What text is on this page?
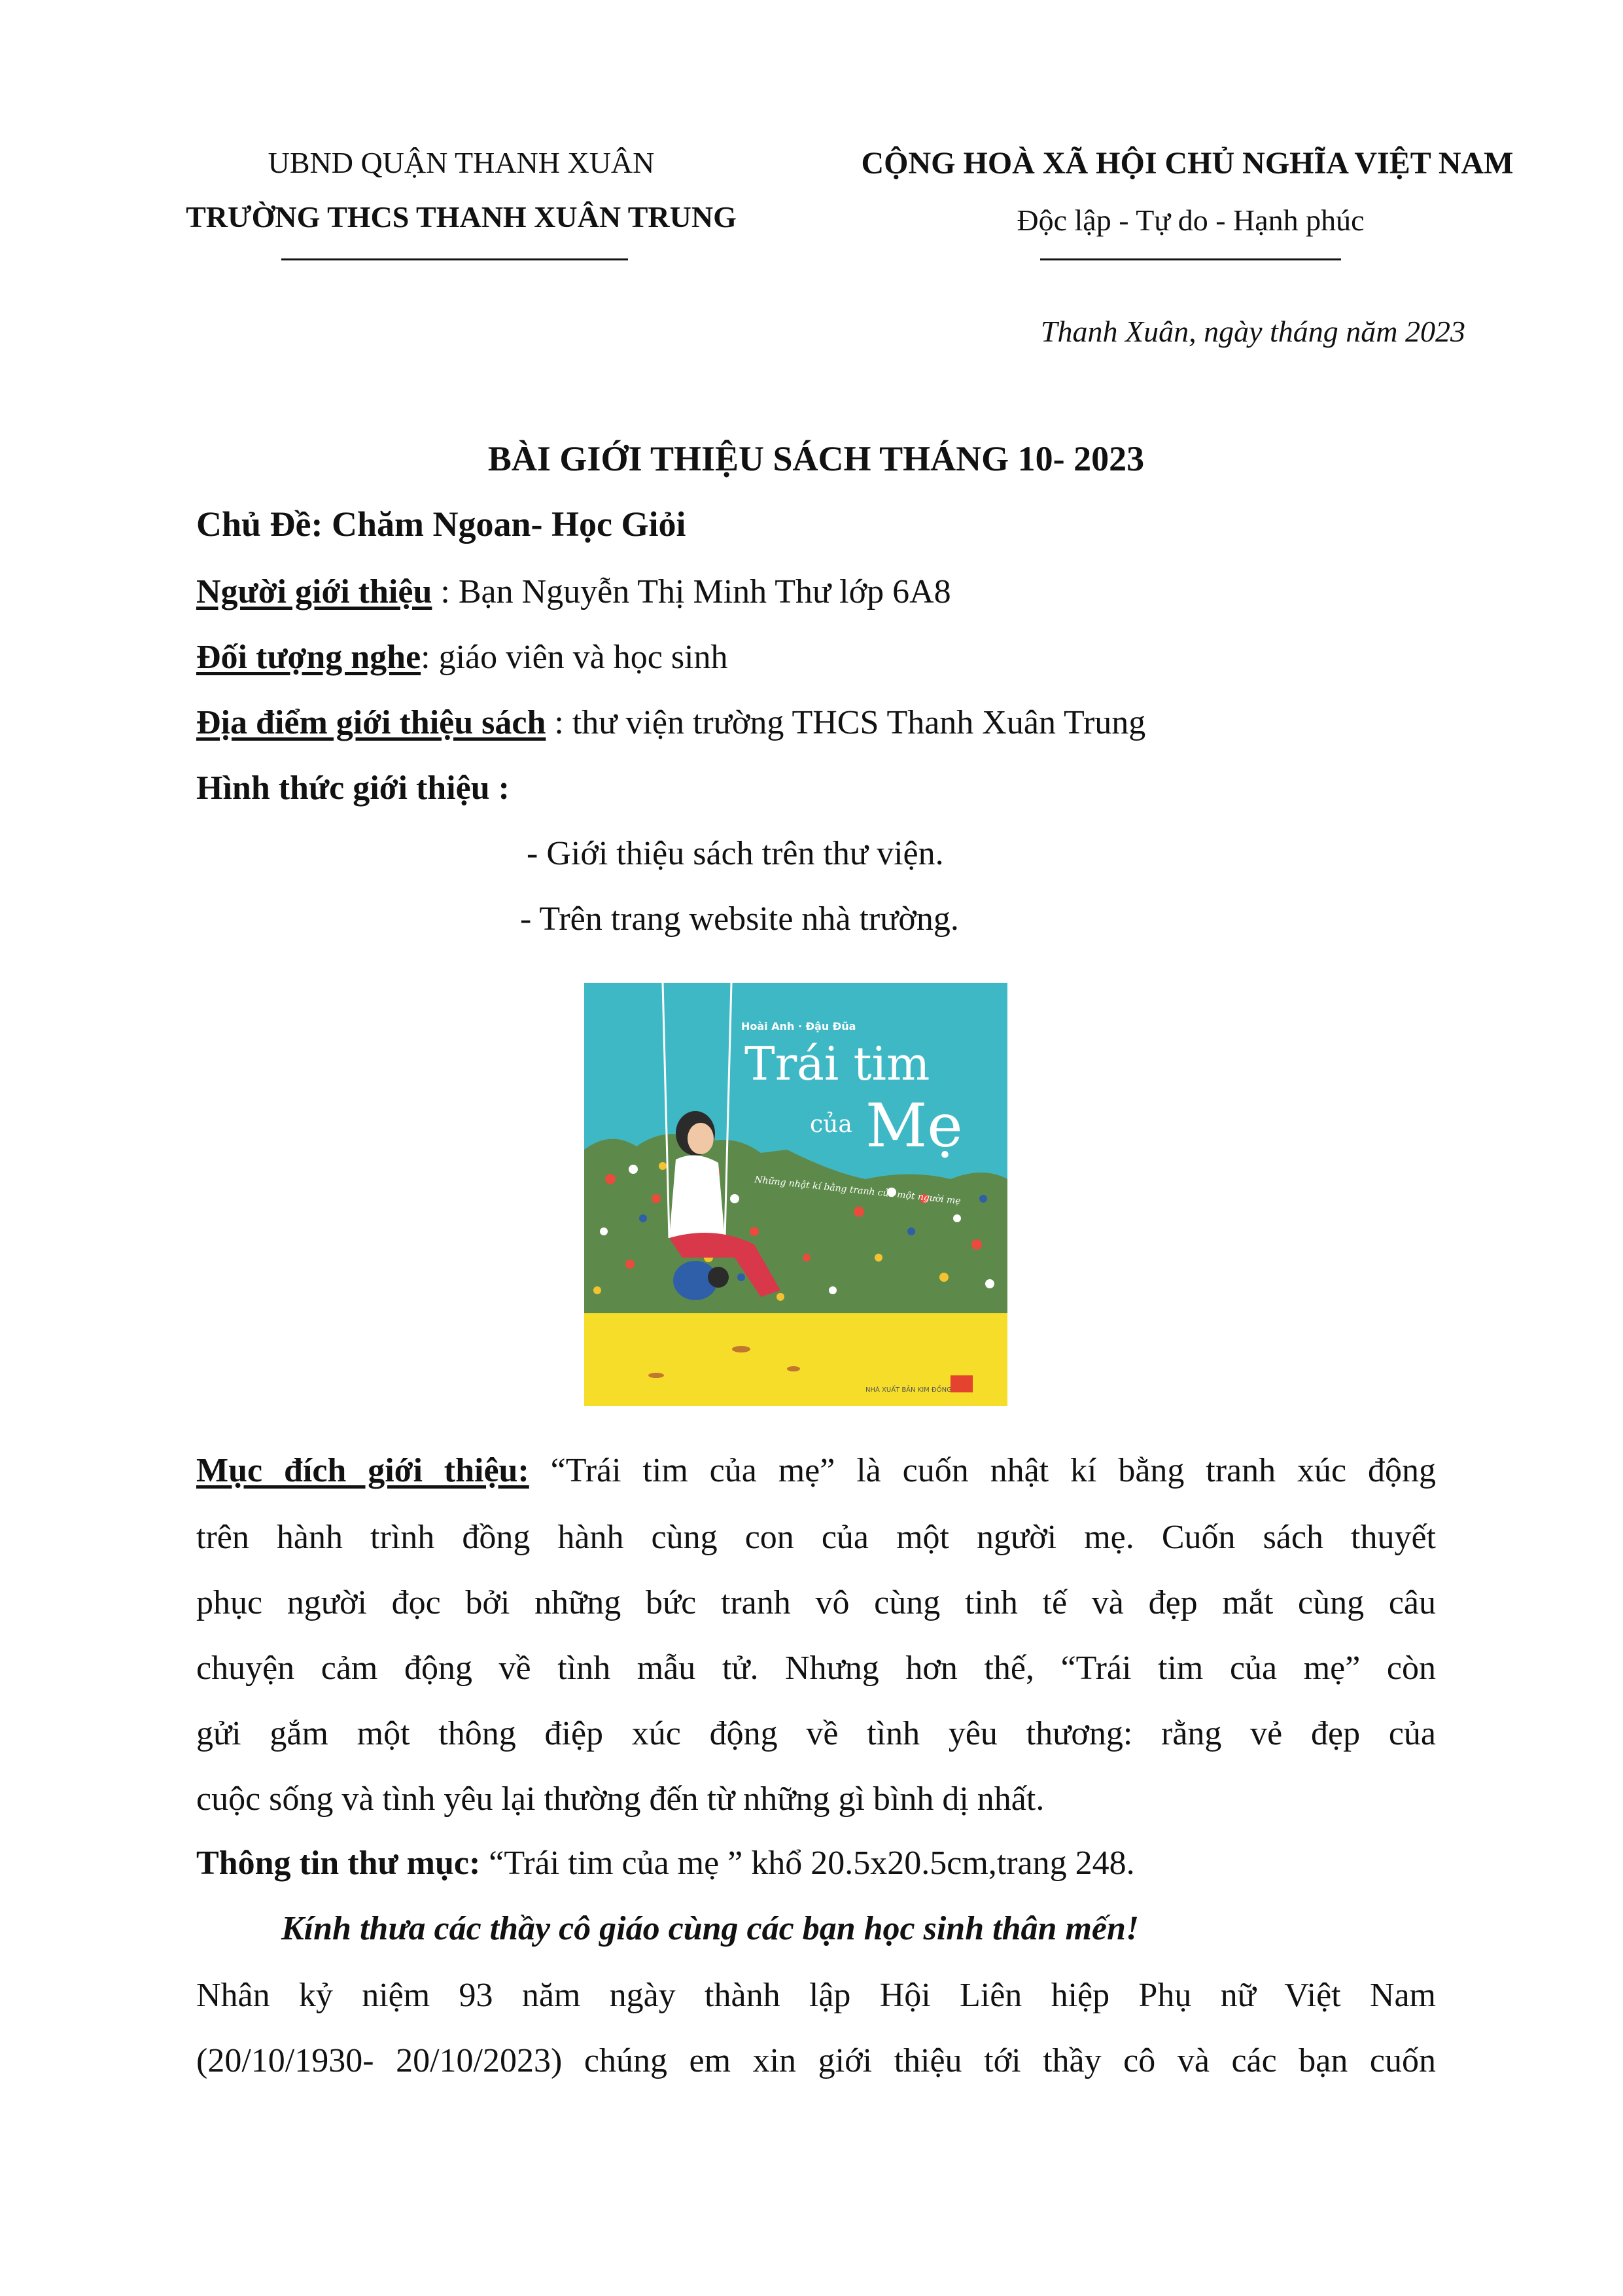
UBND QUẬN THANH XUÂN
TRƯỜNG THCS THANH XUÂN TRUNG
CỘNG HOÀ XÃ HỘI CHỦ NGHĨA VIỆT NAM
Độc lập - Tự do - Hạnh phúc
Thanh Xuân, ngày tháng năm 2023
BÀI GIỚI THIỆU SÁCH THÁNG 10- 2023
Chủ Đề: Chăm Ngoan- Học Giỏi
Người giới thiệu : Bạn Nguyễn Thị Minh Thư lớp 6A8
Đối tượng nghe: giáo viên và học sinh
Địa điểm giới thiệu sách : thư viện trường THCS Thanh Xuân Trung
Hình thức giới thiệu :
- Giới thiệu sách trên thư viện.
- Trên trang website nhà trường.
Hoài Anh · Đậu Đũa
Trái tim
của Mẹ
Những nhật kí bằng tranh của một người mẹ
NHÀ XUẤT BẢN KIM ĐỒNG
Mục đích giới thiệu: “Trái tim của mẹ” là cuốn nhật kí bằng tranh xúc động
trên hành trình đồng hành cùng con của một người mẹ. Cuốn sách thuyết
phục người đọc bởi những bức tranh vô cùng tinh tế và đẹp mắt cùng câu
chuyện cảm động về tình mẫu tử. Nhưng hơn thế, “Trái tim của mẹ” còn
gửi gắm một thông điệp xúc động về tình yêu thương: rằng vẻ đẹp của
cuộc sống và tình yêu lại thường đến từ những gì bình dị nhất.
Thông tin thư mục: “Trái tim của mẹ ” khổ 20.5x20.5cm,trang 248.
Kính thưa các thầy cô giáo cùng các bạn học sinh thân mến!
Nhân kỷ niệm 93 năm ngày thành lập Hội Liên hiệp Phụ nữ Việt Nam
(20/10/1930- 20/10/2023) chúng em xin giới thiệu tới thầy cô và các bạn cuốn
